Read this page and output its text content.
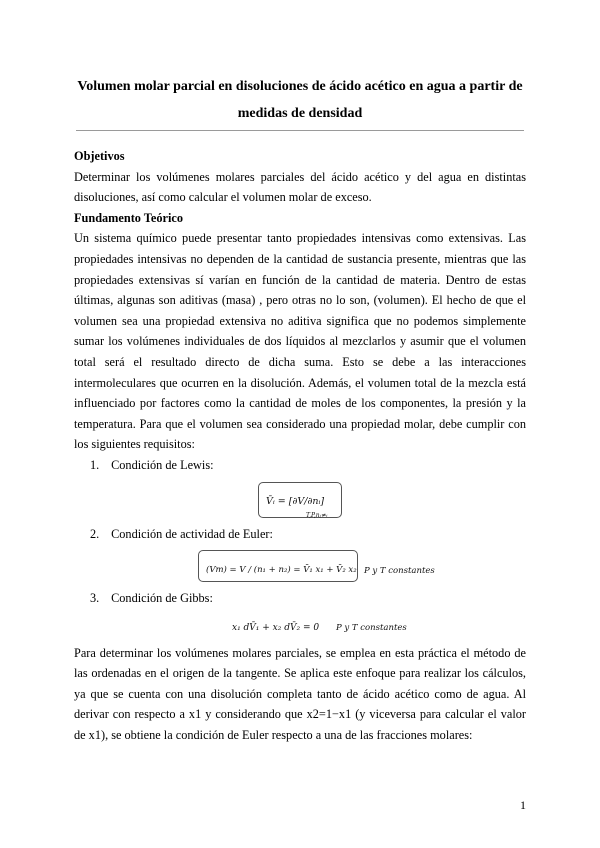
Volumen molar parcial en disoluciones de ácido acético en agua a partir de medidas de densidad
Objetivos

Determinar los volúmenes molares parciales del ácido acético y del agua en distintas disoluciones, así como calcular el volumen molar de exceso.

Fundamento Teórico

Un sistema químico puede presentar tanto propiedades intensivas como extensivas. Las propiedades intensivas no dependen de la cantidad de sustancia presente, mientras que las propiedades extensivas sí varían en función de la cantidad de materia. Dentro de estas últimas, algunas son aditivas (masa) , pero otras no lo son, (volumen). El hecho de que el volumen sea una propiedad extensiva no aditiva significa que no podemos simplemente sumar los volúmenes individuales de dos líquidos al mezclarlos y asumir que el volumen total será el resultado directo de dicha suma. Esto se debe a las interacciones intermoleculares que ocurren en la disolución. Además, el volumen total de la mezcla está influenciado por factores como la cantidad de moles de los componentes, la presión y la temperatura. Para que el volumen sea considerado una propiedad molar, debe cumplir con los siguientes requisitos:

1. Condición de Lewis:
V̄ᵢ = [∂V/∂nᵢ]
T,P,nⱼ≠ᵢ
2. Condición de actividad de Euler:
(Vm) = V / (n₁ + n₂) = V̄₁ x₁ + V̄₂ x₂ P y T constantes
3. Condición de Gibbs:
x₁ dV̄₁ + x₂ dV̄₂ = 0 P y T constantes

Para determinar los volúmenes molares parciales, se emplea en esta práctica el método de las ordenadas en el origen de la tangente. Se aplica este enfoque para realizar los cálculos, ya que se cuenta con una disolución completa tanto de ácido acético como de agua. Al derivar con respecto a x1 y considerando que x2=1−x1 (y viceversa para calcular el valor de x1), se obtiene la condición de Euler respecto a una de las fracciones molares:

1
